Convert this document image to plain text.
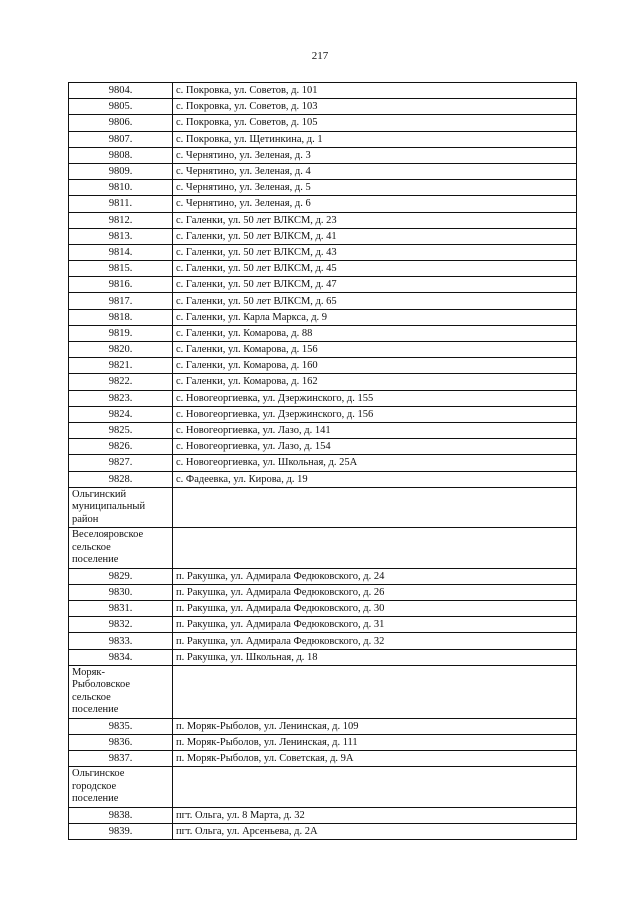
217
9804.	с. Покровка, ул. Советов, д. 101
9805.	с. Покровка, ул. Советов, д. 103
9806.	с. Покровка, ул. Советов, д. 105
9807.	с. Покровка, ул. Щетинкина, д. 1
9808.	с. Чернятино, ул. Зеленая, д. 3
9809.	с. Чернятино, ул. Зеленая, д. 4
9810.	с. Чернятино, ул. Зеленая, д. 5
9811.	с. Чернятино, ул. Зеленая, д. 6
9812.	с. Галенки, ул. 50 лет ВЛКСМ, д. 23
9813.	с. Галенки, ул. 50 лет ВЛКСМ, д. 41
9814.	с. Галенки, ул. 50 лет ВЛКСМ, д. 43
9815.	с. Галенки, ул. 50 лет ВЛКСМ, д. 45
9816.	с. Галенки, ул. 50 лет ВЛКСМ, д. 47
9817.	с. Галенки, ул. 50 лет ВЛКСМ, д. 65
9818.	с. Галенки, ул. Карла Маркса, д. 9
9819.	с. Галенки, ул. Комарова, д. 88
9820.	с. Галенки, ул. Комарова, д. 156
9821.	с. Галенки, ул. Комарова, д. 160
9822.	с. Галенки, ул. Комарова, д. 162
9823.	с. Новогеоргиевка, ул. Дзержинского, д. 155
9824.	с. Новогеоргиевка, ул. Дзержинского, д. 156
9825.	с. Новогеоргиевка, ул. Лазо, д. 141
9826.	с. Новогеоргиевка, ул. Лазо, д. 154
9827.	с. Новогеоргиевка, ул. Школьная, д. 25А
9828.	с. Фадеевка, ул. Кирова, д. 19

Ольгинский
муниципальный
район	

Веселояровское
сельское
поселение	

9829.	п. Ракушка, ул. Адмирала Федюковского, д. 24
9830.	п. Ракушка, ул. Адмирала Федюковского, д. 26
9831.	п. Ракушка, ул. Адмирала Федюковского, д. 30
9832.	п. Ракушка, ул. Адмирала Федюковского, д. 31
9833.	п. Ракушка, ул. Адмирала Федюковского, д. 32
9834.	п. Ракушка, ул. Школьная, д. 18

Моряк-
Рыболовское
сельское
поселение	

9835.	п. Моряк-Рыболов, ул. Ленинская, д. 109
9836.	п. Моряк-Рыболов, ул. Ленинская, д. 111
9837.	п. Моряк-Рыболов, ул. Советская, д. 9А

Ольгинское
городское
поселение	

9838.	пгт. Ольга, ул. 8 Марта, д. 32
9839.	пгт. Ольга, ул. Арсеньева, д. 2А
